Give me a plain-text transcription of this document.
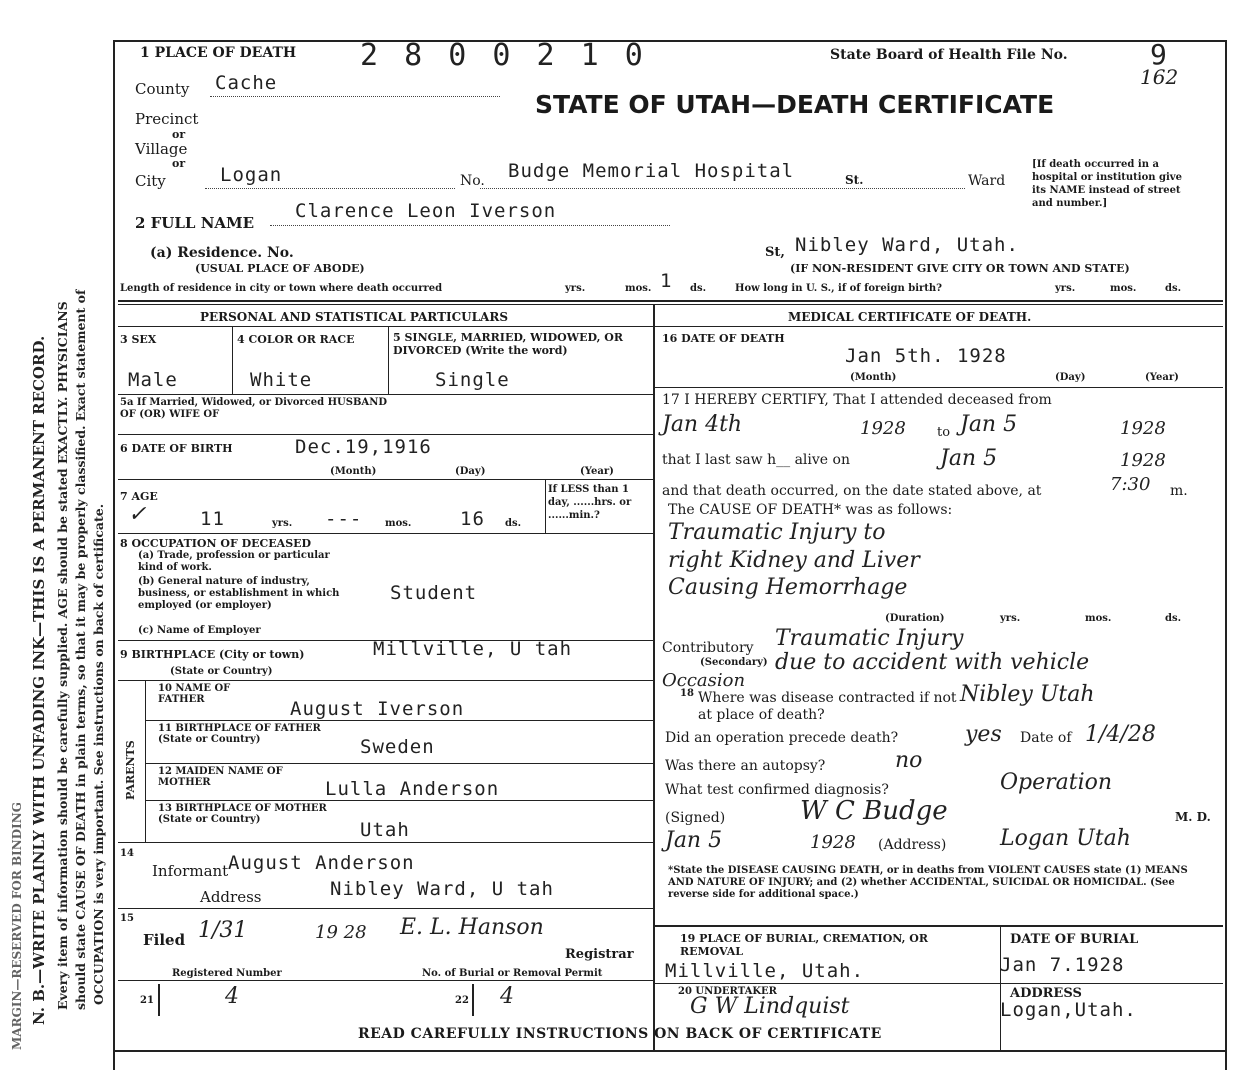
MARGIN—RESERVED FOR BINDING N. B.—WRITE PLAINLY WITH UNFADING INK—THIS IS A PERMANENT RECORD. Every item of information should be carefully supplied. AGE should be stated EXACTLY. PHYSICIANS should state CAUSE OF DEATH in plain terms, so that it may be properly classified. Exact statement of OCCUPATION is very important. See instructions on back of certificate.
1 PLACE OF DEATH 2 8 0 0 2 1 0	State Board of Health File No.	9
162
STATE OF UTAH—DEATH CERTIFICATE
County Cache
Precinct
or
Village
or
City	Logan	No. Budge Memorial Hospital	St.	Ward
[If death occurred in a hospital or institution give its NAME instead of street and number.]
2 FULL NAME
Clarence Leon Iverson
(a) Residence. No.
(USUAL PLACE OF ABODE)
St, Nibley Ward, Utah.
(IF NON-RESIDENT GIVE CITY OR TOWN AND STATE)
Length of residence in city or town where death occurred	yrs.	mos. 1 ds.	How long in U. S., if of foreign birth?	yrs.	mos.	ds.
PERSONAL AND STATISTICAL PARTICULARS
3 SEX
Male
4 COLOR OR RACE
White
5 SINGLE, MARRIED, WIDOWED, OR DIVORCED (Write the word)
Single
5a If Married, Widowed, or Divorced HUSBAND OF (OR) WIFE OF
6 DATE OF BIRTH	Dec.19,1916
(Month)	(Day)	(Year)
7 AGE
✓	11	yrs. --- mos.	16 ds.
If LESS than 1 day, ......hrs. or ......min.?
8 OCCUPATION OF DECEASED
(a) Trade, profession or particular kind of work.
(b) General nature of industry, business, or establishment in which employed (or employer)
Student
(c) Name of Employer
9 BIRTHPLACE (City or town)	Millville, U tah
(State or Country)
PARENTS
10 NAME OF FATHER	August Iverson
11 BIRTHPLACE OF FATHER (State or Country)	Sweden
12 MAIDEN NAME OF MOTHER	Lulla Anderson
13 BIRTHPLACE OF MOTHER (State or Country)	Utah
14
Informant August Anderson
Address	Nibley Ward, U tah
15
Filed 1/31	19 28 E. L. Hanson
Registrar
Registered Number	No. of Burial or Removal Permit
21	4	22 4
MEDICAL CERTIFICATE OF DEATH.
16 DATE OF DEATH
Jan 5th. 1928
(Month)	(Day)	(Year)
17 I HEREBY CERTIFY, That I attended deceased from
Jan 4th	1928 to Jan 5	1928
that I last saw h__ alive on	Jan 5	1928
and that death occurred, on the date stated above, at	7:30 m.
The CAUSE OF DEATH* was as follows:
Traumatic Injury to
right Kidney and Liver
Causing Hemorrhage
(Duration)	yrs.	mos.	ds.
Contributory
(Secondary)
Traumatic Injury
due to accident with vehicle
Occasion
18 Where was disease contracted if not at place of death?
Nibley Utah
Did an operation precede death?	yes Date of 1/4/28
Was there an autopsy?	no
What test confirmed diagnosis?	Operation
(Signed)	W C Budge	M. D.
Jan 5	1928 (Address) Logan Utah
*State the DISEASE CAUSING DEATH, or in deaths from VIOLENT CAUSES state (1) MEANS AND NATURE OF INJURY; and (2) whether ACCIDENTAL, SUICIDAL OR HOMICIDAL. (See reverse side for additional space.)
19 PLACE OF BURIAL, CREMATION, OR REMOVAL
Millville, Utah.
DATE OF BURIAL
Jan 7.1928
20 UNDERTAKER
G W Lindquist
ADDRESS
Logan,Utah.
READ CAREFULLY INSTRUCTIONS ON BACK OF CERTIFICATE
